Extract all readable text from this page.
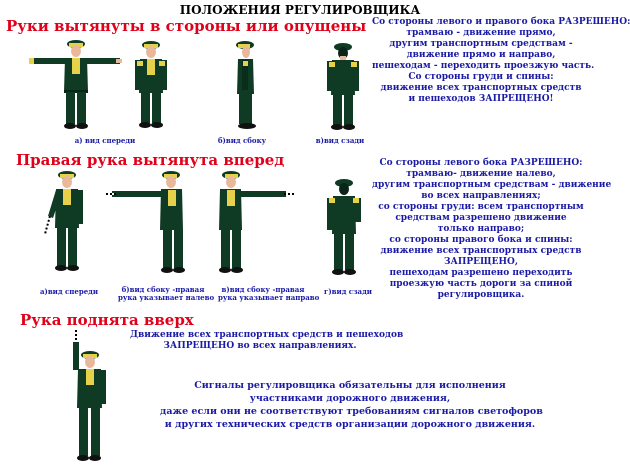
ПОЛОЖЕНИЯ РЕГУЛИРОВЩИКА
Руки вытянуты в стороны или опущены
а) вид спереди	б)вид сбоку	в)вид сзади
Со стороны левого и правого бока РАЗРЕШЕНО:
трамваю - движение прямо,
другим транспортным средствам -
движение прямо и направо,
пешеходам - переходить проезжую часть.
Со стороны груди и спины:
движение всех транспортных средств
и пешеходов ЗАПРЕЩЕНО!
Правая рука вытянута вперед
а)вид спереди	б)вид сбоку -правая
рука указывает налево
в)вид сбоку -правая
рука указывает направо
г)вид сзади
Со стороны левого бока РАЗРЕШЕНО:
трамваю- движение налево,
другим транспортным средствам - движение
во всех направлениях;
со стороны груди: всем транспортным
средствам разрешено движение
только направо;
со стороны правого бока и спины:
движение всех транспортных средств
ЗАПРЕЩЕНО,
пешеходам разрешено переходить
проезжую часть дороги за спиной
регулировщика.
Рука поднята вверх
Движение всех транспортных средств и пешеходов
ЗАПРЕЩЕНО во всех направлениях.
Сигналы регулировщика обязательны для исполнения
участниками дорожного движения,
даже если они не соответствуют требованиям сигналов светофоров
и других технических средств организации дорожного движения.
